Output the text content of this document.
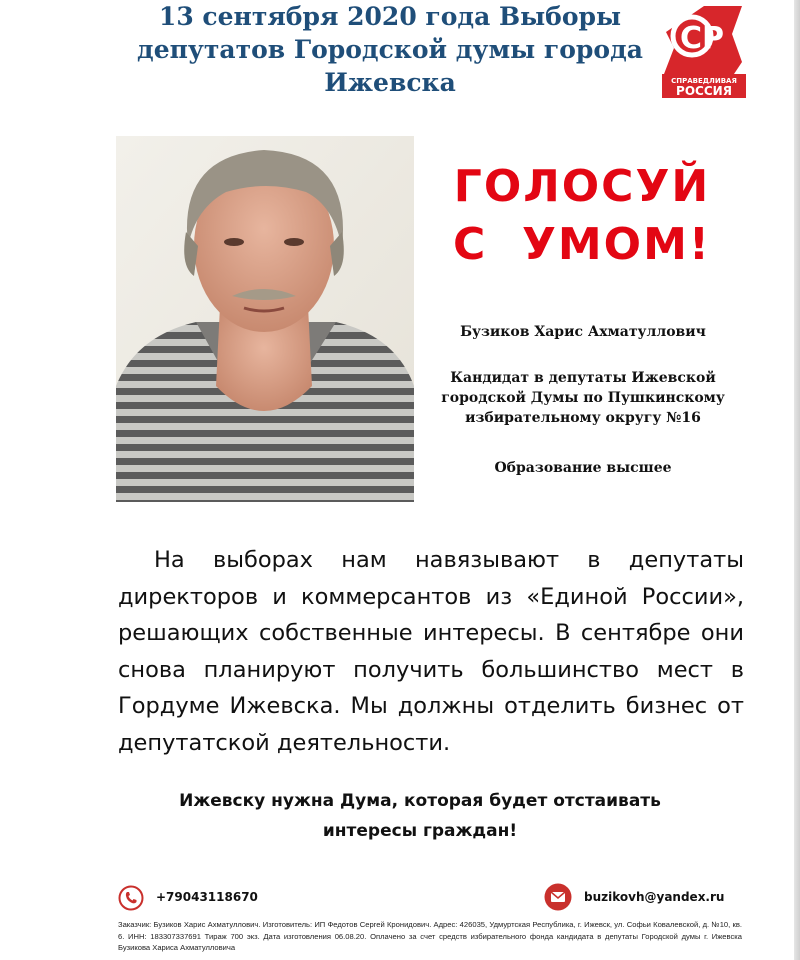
13 сентября 2020 года Выборы депутатов Городской думы города Ижевска
СР
СПРАВЕДЛИВАЯ
РОССИЯ
ГОЛОСУЙ
С  УМОМ!
Бузиков Харис Ахматуллович
Кандидат в депутаты Ижевской городской Думы по Пушкинскому избирательному округу №16
Образование высшее
На выборах нам навязывают в депутаты директоров и коммерсантов из «Единой России», решающих собственные интересы. В сентябре они снова планируют получить большинство мест в Гордуме Ижевска. Мы должны отделить бизнес от депутатской деятельности.
Ижевску нужна Дума, которая будет отстаивать интересы граждан!
+79043118670	buzikovh@yandex.ru
Заказчик: Бузиков Харис Ахматуллович. Изготовитель: ИП Федотов Сергей Кронидович. Адрес: 426035, Удмуртская Республика, г. Ижевск, ул. Софьи Ковалевской, д. №10, кв. 6. ИНН: 183307337691 Тираж 700 экз. Дата изготовления 06.08.20. Оплачено за счет средств избирательного фонда кандидата в депутаты Городской думы г. Ижевска Бузикова Хариса Ахматулловича
